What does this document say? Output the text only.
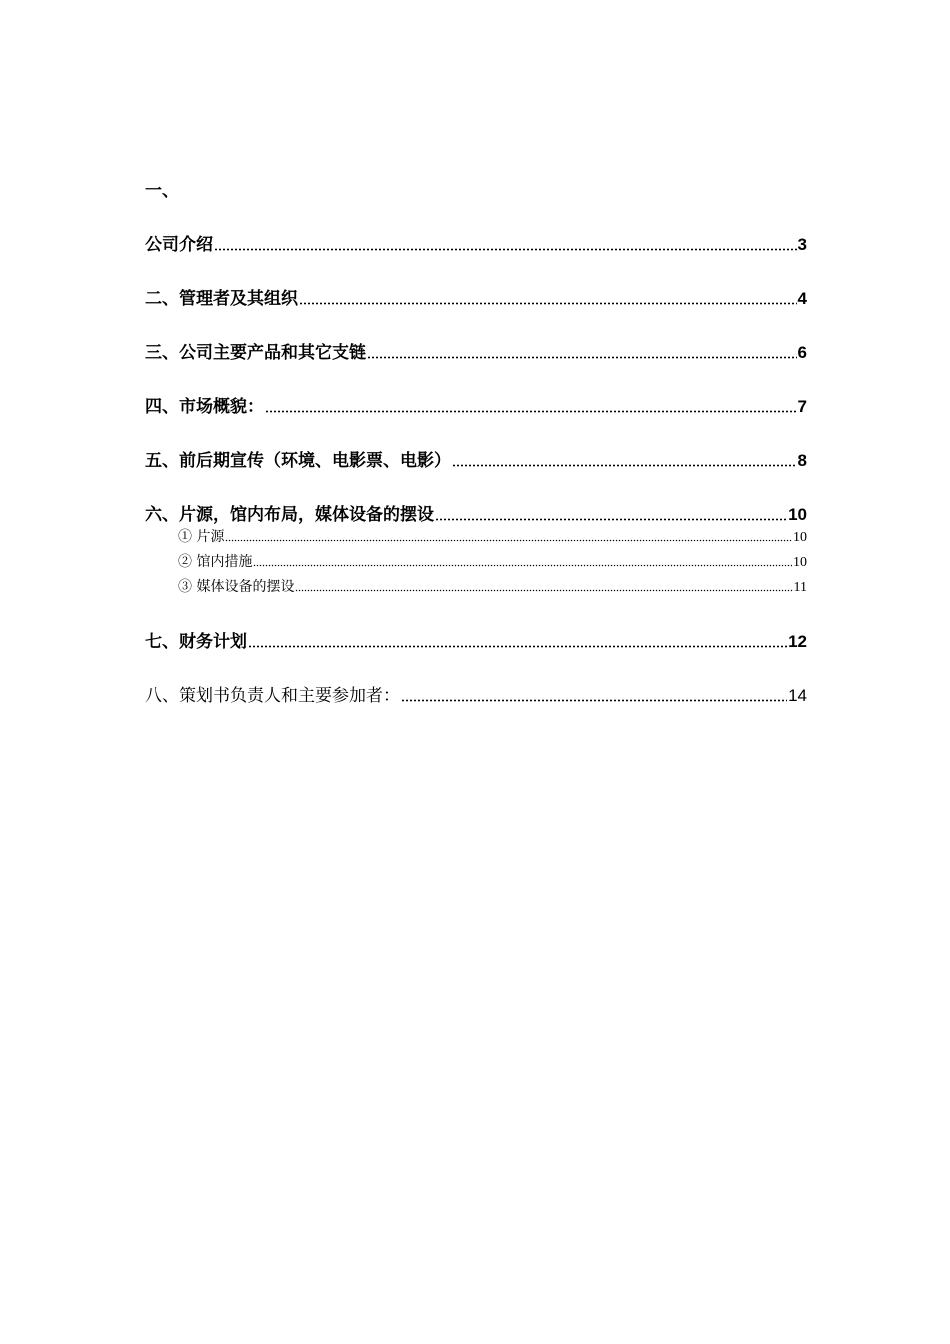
一、
公司介绍	3
二、管理者及其组织	4
三、公司主要产品和其它支链	6
四、市场概貌：	7
五、前后期宣传（环境、电影票、电影）	8
六、片源，馆内布局，媒体设备的摆设	10
① 片源	10
② 馆内措施	10
③ 媒体设备的摆设	11
七、财务计划	12
八、策划书负责人和主要参加者：	14
